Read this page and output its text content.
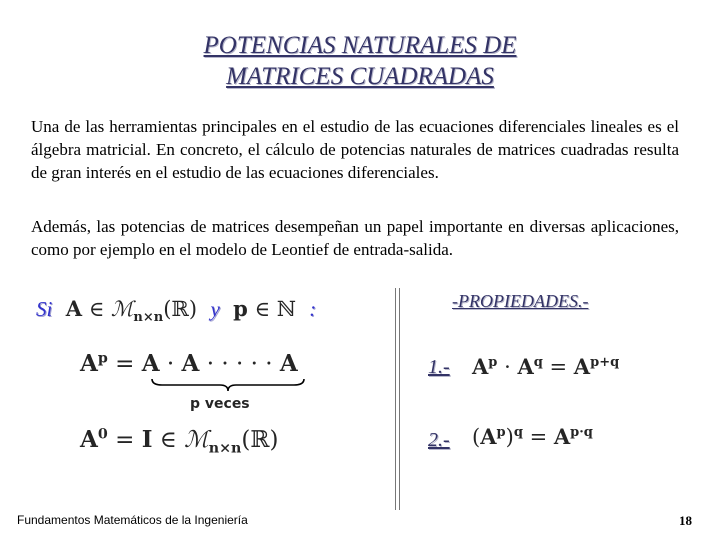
POTENCIAS NATURALES DE
MATRICES CUADRADAS
Una de las herramientas principales en el estudio de las ecuaciones diferenciales lineales es el álgebra matricial. En concreto, el cálculo de potencias naturales de matrices cuadradas resulta de gran interés en el estudio de las ecuaciones diferenciales.
Además, las potencias de matrices desempeñan un papel importante en diversas aplicaciones, como por ejemplo en el modelo de Leontief de entrada-salida.
Si A ∈ ℳ$_{n\times n}$(ℝ)  y p ∈ ℕ  :
$A^p = A \cdot A$ · · · · · A
p veces
$A^0 = I$ ∈ ℳ$_{n\times n}$(ℝ)
-PROPIEDADES.-
1.- $A^p \cdot A^q = A^{p+q}$
2.- $(A^p)^q = A^{p\cdot q}$
Fundamentos Matemáticos de la Ingeniería	18
